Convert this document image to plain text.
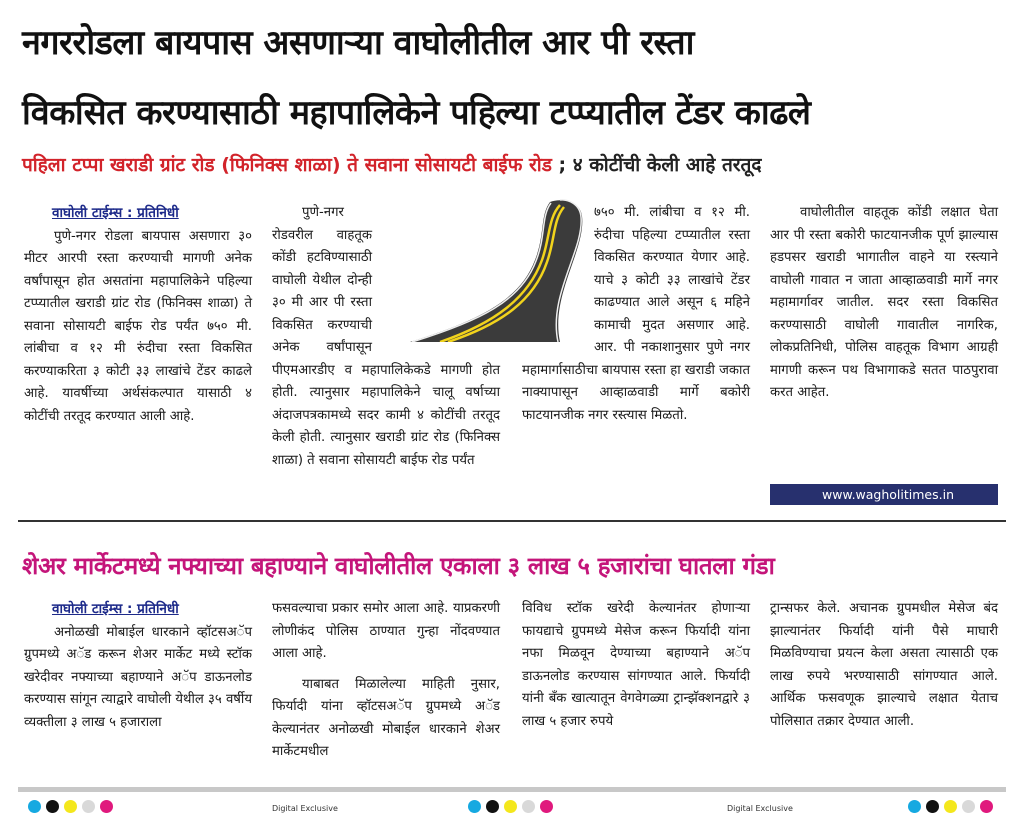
नगररोडला बायपास असणाऱ्या वाघोलीतील आर पी रस्ता
विकसित करण्यासाठी महापालिकेने पहिल्या टप्प्यातील टेंडर काढले
पहिला टप्पा खराडी ग्रांट रोड (फिनिक्स शाळा) ते सवाना सोसायटी बाईफ रोड ; ४ कोटींची केली आहे तरतूद
वाघोली टाईम्स : प्रतिनिधी

पुणे-नगर रोडला बायपास असणारा ३० मीटर आरपी रस्ता करण्याची मागणी अनेक वर्षांपासून होत असतांना महापालिकेने पहिल्या टप्प्यातील खराडी ग्रांट रोड (फिनिक्स शाळा) ते सवाना सोसायटी बाईफ रोड पर्यंत ७५० मी. लांबीचा व १२ मी रुंदीचा रस्ता विकसित करण्याकरिता ३ कोटी ३३ लाखांचे टेंडर काढले आहे. यावर्षीच्या अर्थसंकल्पात यासाठी ४ कोटींची तरतूद करण्यात आली आहे.

पुणे-नगर रोडवरील वाहतूक कोंडी हटविण्यासाठी वाघोली येथील दोन्ही ३० मी आर पी रस्ता विकसित करण्याची अनेक वर्षांपासून पीएमआरडीए व महापालिकेकडे मागणी होत होती. त्यानुसार महापालिकेने चालू वर्षाच्या अंदाजपत्रकामध्ये सदर कामी ४ कोटींची तरतूद केली होती. त्यानुसार खराडी ग्रांट रोड (फिनिक्स शाळा) ते सवाना सोसायटी बाईफ रोड पर्यंत

७५० मी. लांबीचा व १२ मी. रुंदीचा पहिल्या टप्प्यातील रस्ता विकसित करण्यात येणार आहे. याचे ३ कोटी ३३ लाखांचे टेंडर काढण्यात आले असून ६ महिने कामाची मुदत असणार आहे. आर. पी नकाशानुसार पुणे नगर महामार्गासाठीचा बायपास रस्ता हा खराडी जकात नाक्यापासून आव्हाळवाडी मार्गे बकोरी फाटयानजीक नगर रस्त्यास मिळतो.

वाघोलीतील वाहतूक कोंडी लक्षात घेता आर पी रस्ता बकोरी फाटयानजीक पूर्ण झाल्यास हडपसर खराडी भागातील वाहने या रस्त्याने वाघोली गावात न जाता आव्हाळवाडी मार्गे नगर महामार्गावर जातील. सदर रस्ता विकसित करण्यासाठी वाघोली गावातील नागरिक, लोकप्रतिनिधी, पोलिस वाहतूक विभाग आग्रही मागणी करून पथ विभागाकडे सतत पाठपुरावा करत आहेत.

www.wagholitimes.in
शेअर मार्केटमध्ये नफ्याच्या बहाण्याने वाघोलीतील एकाला ३ लाख ५ हजारांचा घातला गंडा
वाघोली टाईम्स : प्रतिनिधी

अनोळखी मोबाईल धारकाने व्हॉटसअॅप ग्रुपमध्ये अॅड करून शेअर मार्केट मध्ये स्टॉक खरेदीवर नफ्याच्या बहाण्याने अॅप डाऊनलोड करण्यास सांगून त्याद्वारे वाघोली येथील ३५ वर्षीय व्यक्तीला ३ लाख ५ हजाराला

फसवल्याचा प्रकार समोर आला आहे. याप्रकरणी लोणीकंद पोलिस ठाण्यात गुन्हा नोंदवण्यात आला आहे.

याबाबत मिळालेल्या माहिती नुसार, फिर्यादी यांना व्हॉटसअॅप ग्रुपमध्ये अॅड केल्यानंतर अनोळखी मोबाईल धारकाने शेअर मार्केटमधील

विविध स्टॉक खरेदी केल्यानंतर होणाऱ्या फायद्याचे ग्रुपमध्ये मेसेज करून फिर्यादी यांना नफा मिळवून देण्याच्या बहाण्याने अॅप डाऊनलोड करण्यास सांगण्यात आले. फिर्यादी यांनी बँक खात्यातून वेगवेगळ्या ट्रान्झॅक्शनद्वारे ३ लाख ५ हजार रुपये

ट्रान्सफर केले. अचानक ग्रुपमधील मेसेज बंद झाल्यानंतर फिर्यादी यांनी पैसे माघारी मिळविण्याचा प्रयत्न केला असता त्यासाठी एक लाख रुपये भरण्यासाठी सांगण्यात आले. आर्थिक फसवणूक झाल्याचे लक्षात येताच पोलिसात तक्रार देण्यात आली.

Digital Exclusive	Digital Exclusive
